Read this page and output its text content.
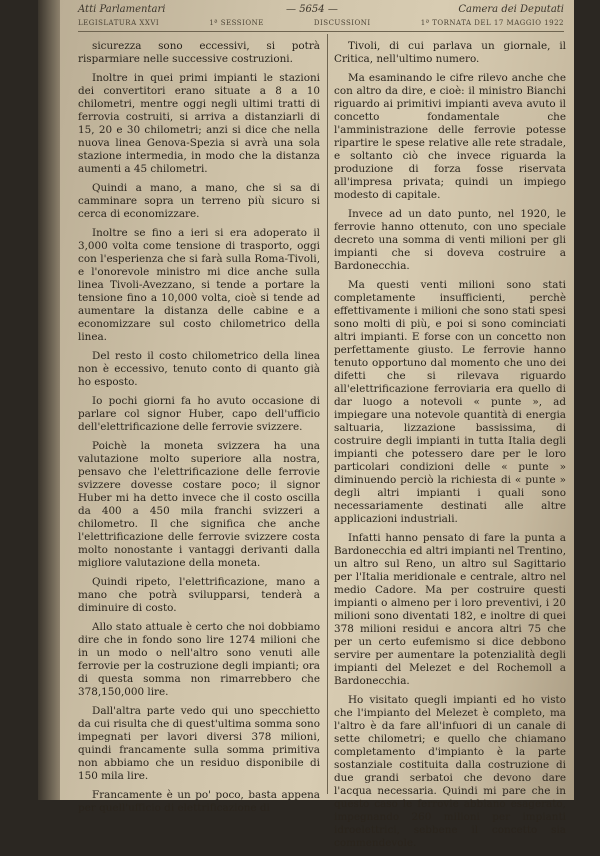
Atti Parlamentari	— 5654 —	Camera dei Deputati
LEGISLATURA XXVI	1ª SESSIONE	DISCUSSIONI	1ª TORNATA DEL 17 MAGGIO 1922

sicurezza sono eccessivi, si potrà risparmiare nelle successive costruzioni.

Inoltre in quei primi impianti le stazioni dei convertitori erano situate a 8 a 10 chilometri, mentre oggi negli ultimi tratti di ferrovia costruiti, si arriva a distanziarli di 15, 20 e 30 chilometri; anzi si dice che nella nuova linea Genova-Spezia si avrà una sola stazione intermedia, in modo che la distanza aumenti a 45 chilometri.

Quindi a mano, a mano, che si sa di camminare sopra un terreno più sicuro si cerca di economizzare.

Inoltre se fino a ieri si era adoperato il 3,000 volta come tensione di trasporto, oggi con l'esperienza che si farà sulla Roma-Tivoli, e l'onorevole ministro mi dice anche sulla linea Tivoli-Avezzano, si tende a portare la tensione fino a 10,000 volta, cioè si tende ad aumentare la distanza delle cabine e a economizzare sul costo chilometrico della linea.

Del resto il costo chilometrico della linea non è eccessivo, tenuto conto di quanto già ho esposto.

Io pochi giorni fa ho avuto occasione di parlare col signor Huber, capo dell'ufficio dell'elettrificazione delle ferrovie svizzere.

Poichè la moneta svizzera ha una valutazione molto superiore alla nostra, pensavo che l'elettrificazione delle ferrovie svizzere dovesse costare poco; il signor Huber mi ha detto invece che il costo oscilla da 400 a 450 mila franchi svizzeri a chilometro. Il che significa che anche l'elettrificazione delle ferrovie svizzere costa molto nonostante i vantaggi derivanti dalla migliore valutazione della moneta.

Quindi ripeto, l'elettrificazione, mano a mano che potrà svilupparsi, tenderà a diminuire di costo.

Allo stato attuale è certo che noi dobbiamo dire che in fondo sono lire 1274 milioni che in un modo o nell'altro sono venuti alle ferrovie per la costruzione degli impianti; ora di questa somma non rimarrebbero che 378,150,000 lire.

Dall'altra parte vedo qui uno specchietto da cui risulta che di quest'ultima somma sono impegnati per lavori diversi 378 milioni, quindi francamente sulla somma primitiva non abbiamo che un residuo disponibile di 150 mila lire.

Francamente è un po' poco, basta appena per quell'ufficio di elettrificazione di

Tivoli, di cui parlava un giornale, il Critica, nell'ultimo numero.

Ma esaminando le cifre rilevo anche che con altro da dire, e cioè: il ministro Bianchi riguardo ai primitivi impianti aveva avuto il concetto fondamentale che l'amministrazione delle ferrovie potesse ripartire le spese relative alle rete stradale, e soltanto ciò che invece riguarda la produzione di forza fosse riservata all'impresa privata; quindi un impiego modesto di capitale.

Invece ad un dato punto, nel 1920, le ferrovie hanno ottenuto, con uno speciale decreto una somma di venti milioni per gli impianti che si doveva costruire a Bardonecchia.

Ma questi venti milioni sono stati completamente insufficienti, perchè effettivamente i milioni che sono stati spesi sono molti di più, e poi si sono cominciati altri impianti. E forse con un concetto non perfettamente giusto. Le ferrovie hanno tenuto opportuno dal momento che uno dei difetti che si rilevava riguardo all'elettrificazione ferroviaria era quello di dar luogo a notevoli « punte », ad impiegare una notevole quantità di energia saltuaria, lizzazione bassissima, di costruire degli impianti in tutta Italia degli impianti che potessero dare per le loro particolari condizioni delle « punte » diminuendo perciò la richiesta di « punte » degli altri impianti i quali sono necessariamente destinati alle altre applicazioni industriali.

Infatti hanno pensato di fare la punta a Bardonecchia ed altri impianti nel Trentino, un altro sul Reno, un altro sul Sagittario per l'Italia meridionale e centrale, altro nel medio Cadore. Ma per costruire questi impianti o almeno per i loro preventivi, i 20 milioni sono diventati 182, e inoltre di quei 378 milioni residui e ancora altri 75 che per un certo eufemismo si dice debbono servire per aumentare la potenzialità degli impianti del Melezet e del Rochemoll a Bardonecchia.

Ho visitato quegli impianti ed ho visto che l'impianto del Melezet è completo, ma l'altro è da fare all'infuori di un canale di sette chilometri; e quello che chiamano completamento d'impianto è la parte sostanziale costituita dalla costruzione di due grandi serbatoi che devono dare l'acqua necessaria. Quindi mi pare che in questo caso le ferrovie abbiano esagerato, impegnando 260 milioni per impianti idroelettrici, sebbene il concetto sia commendevole.
